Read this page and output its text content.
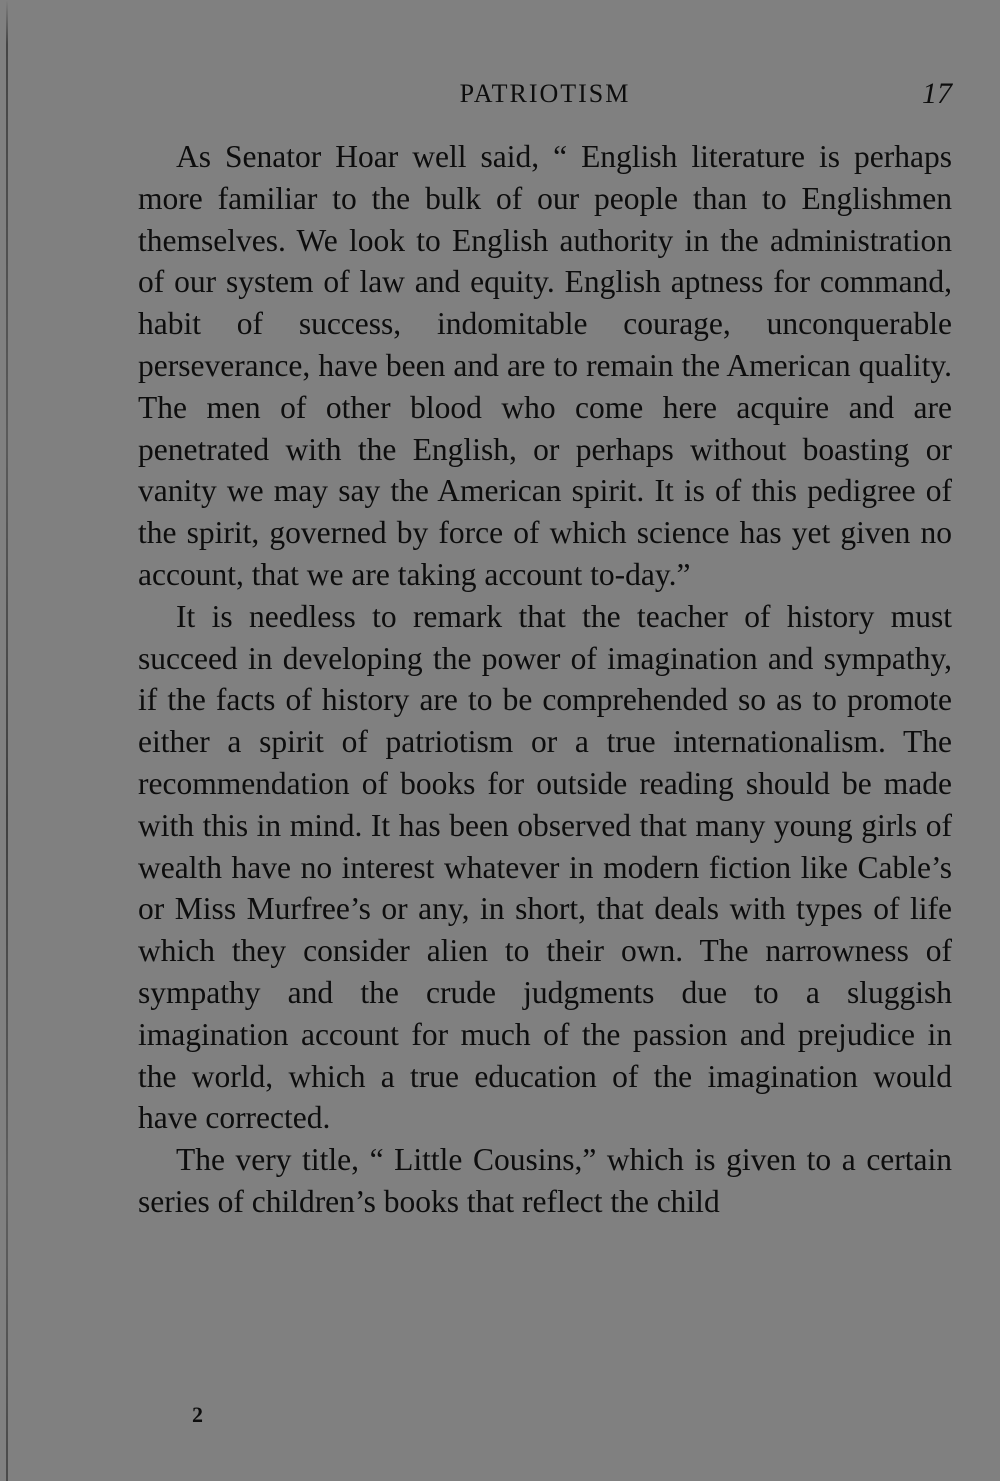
PATRIOTISM	17

As Senator Hoar well said, “ English literature is perhaps more familiar to the bulk of our people than to Englishmen themselves. We look to English authority in the administration of our system of law and equity. English aptness for command, habit of success, indomitable courage, unconquerable perseverance, have been and are to remain the American quality. The men of other blood who come here acquire and are penetrated with the English, or perhaps without boasting or vanity we may say the American spirit. It is of this pedigree of the spirit, governed by force of which science has yet given no account, that we are taking account to-day.”

It is needless to remark that the teacher of history must succeed in developing the power of imagination and sympathy, if the facts of history are to be comprehended so as to promote either a spirit of patriotism or a true internationalism. The recommendation of books for outside reading should be made with this in mind. It has been observed that many young girls of wealth have no interest whatever in modern fiction like Cable’s or Miss Murfree’s or any, in short, that deals with types of life which they consider alien to their own. The narrowness of sympathy and the crude judgments due to a sluggish imagination account for much of the passion and prejudice in the world, which a true education of the imagination would have corrected.

The very title, “ Little Cousins,” which is given to a certain series of children’s books that reflect the child

2
